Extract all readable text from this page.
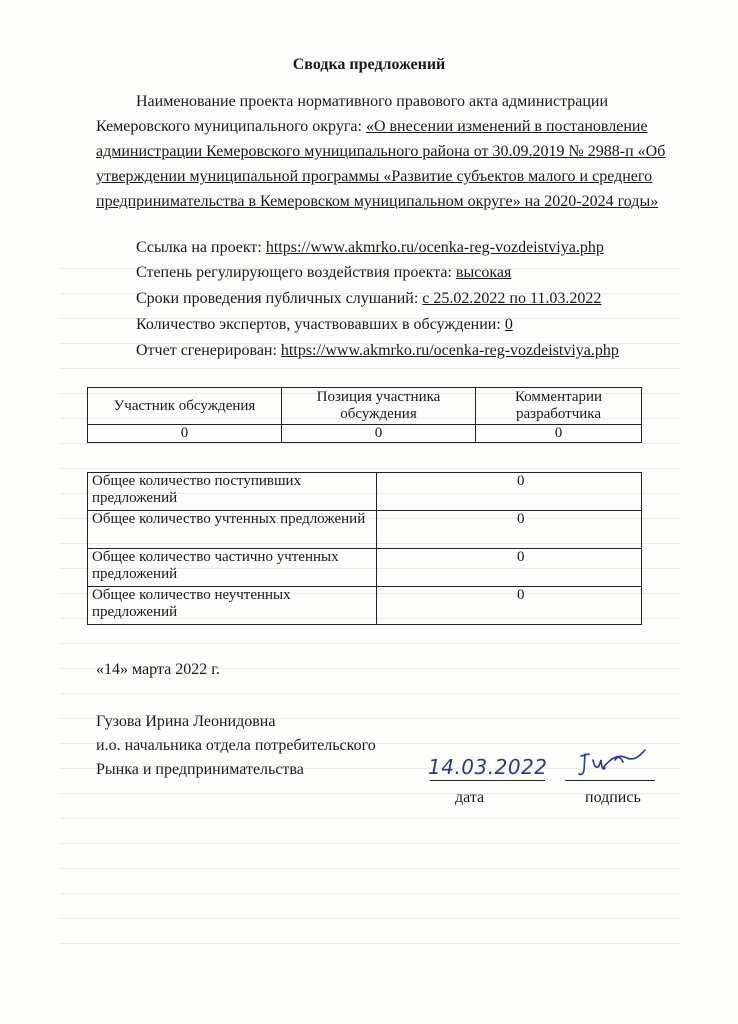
Сводка предложений
Наименование проекта нормативного правового акта администрации Кемеровского муниципального округа: «О внесении изменений в постановление администрации Кемеровского муниципального района от 30.09.2019 № 2988-п «Об утверждении муниципальной программы «Развитие субъектов малого и среднего предпринимательства в Кемеровском муниципальном округе» на 2020-2024 годы»
Ссылка на проект: https://www.akmrko.ru/ocenka-reg-vozdeistviya.php
Степень регулирующего воздействия проекта: высокая
Сроки проведения публичных слушаний: с 25.02.2022 по 11.03.2022
Количество экспертов, участвовавших в обсуждении: 0
Отчет сгенерирован: https://www.akmrko.ru/ocenka-reg-vozdeistviya.php
Участник обсуждения	Позиция участника обсуждения	Комментарии разработчика
0	0	0
Общее количество поступивших предложений	0
Общее количество учтенных предложений	0
Общее количество частично учтенных предложений	0
Общее количество неучтенных предложений	0
«14» марта 2022 г.
Гузова Ирина Леонидовна
и.о. начальника отдела потребительского
Рынка и предпринимательства	14.03.2022
дата	подпись
